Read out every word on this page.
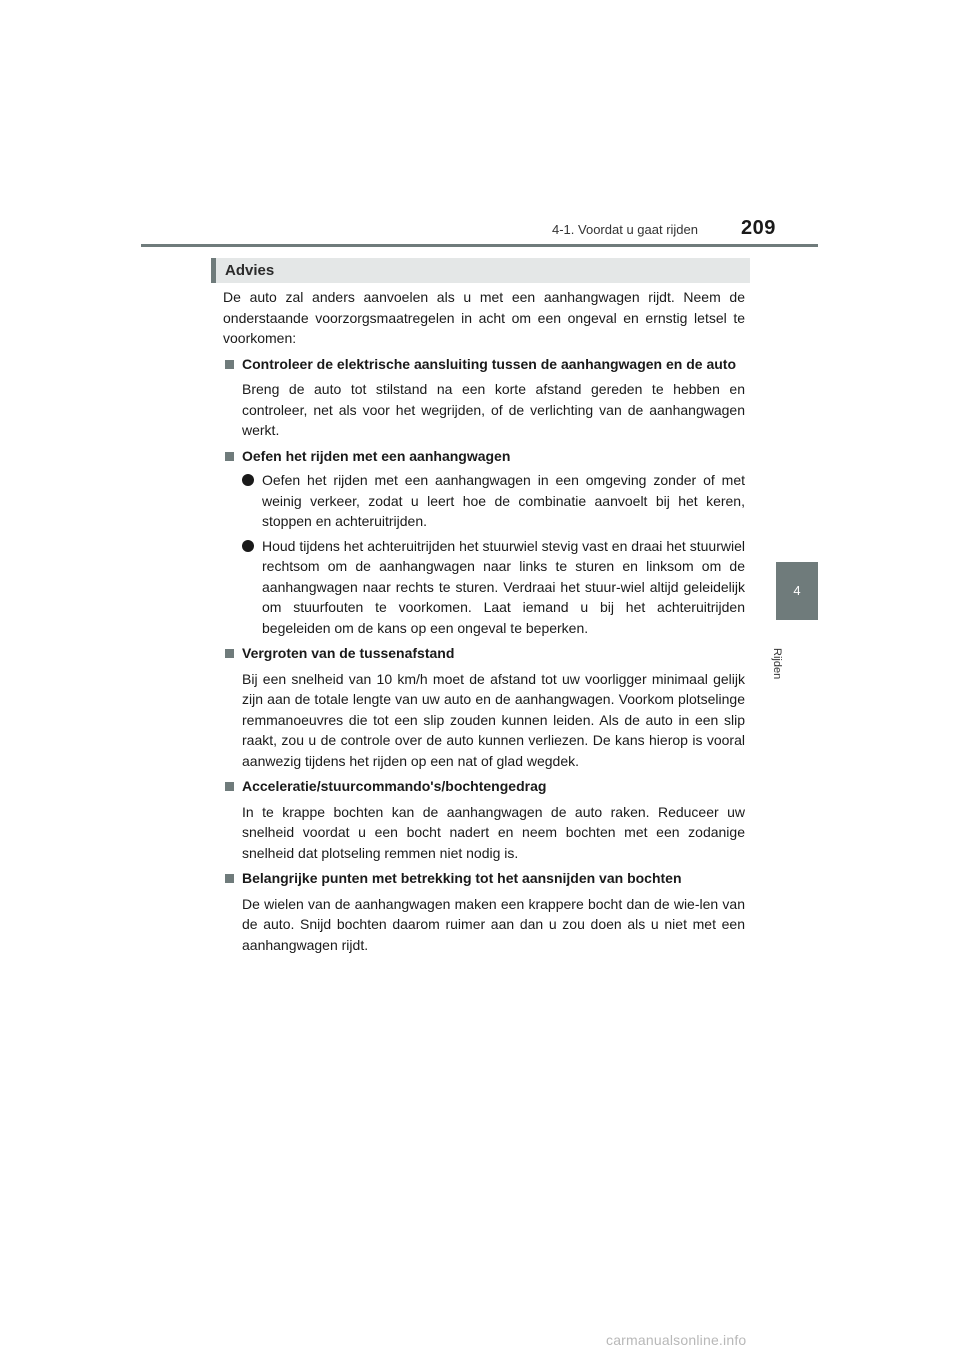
4-1. Voordat u gaat rijden 209
4
Rijden
Advies

De auto zal anders aanvoelen als u met een aanhangwagen rijdt. Neem de onderstaande voorzorgsmaatregelen in acht om een ongeval en ernstig letsel te voorkomen:

Controleer de elektrische aansluiting tussen de aanhangwagen en de auto

Breng de auto tot stilstand na een korte afstand gereden te hebben en controleer, net als voor het wegrijden, of de verlichting van de aanhangwagen werkt.

Oefen het rijden met een aanhangwagen

Oefen het rijden met een aanhangwagen in een omgeving zonder of met weinig verkeer, zodat u leert hoe de combinatie aanvoelt bij het keren, stoppen en achteruitrijden.
Houd tijdens het achteruitrijden het stuurwiel stevig vast en draai het stuurwiel rechtsom om de aanhangwagen naar links te sturen en linksom om de aanhangwagen naar rechts te sturen. Verdraai het stuur-wiel altijd geleidelijk om stuurfouten te voorkomen. Laat iemand u bij het achteruitrijden begeleiden om de kans op een ongeval te beperken.

Vergroten van de tussenafstand

Bij een snelheid van 10 km/h moet de afstand tot uw voorligger minimaal gelijk zijn aan de totale lengte van uw auto en de aanhangwagen. Voorkom plotselinge remmanoeuvres die tot een slip zouden kunnen leiden. Als de auto in een slip raakt, zou u de controle over de auto kunnen verliezen. De kans hierop is vooral aanwezig tijdens het rijden op een nat of glad wegdek.

Acceleratie/stuurcommando's/bochtengedrag

In te krappe bochten kan de aanhangwagen de auto raken. Reduceer uw snelheid voordat u een bocht nadert en neem bochten met een zodanige snelheid dat plotseling remmen niet nodig is.

Belangrijke punten met betrekking tot het aansnijden van bochten

De wielen van de aanhangwagen maken een krappere bocht dan de wie-len van de auto. Snijd bochten daarom ruimer aan dan u zou doen als u niet met een aanhangwagen rijdt.

carmanualsonline.info
